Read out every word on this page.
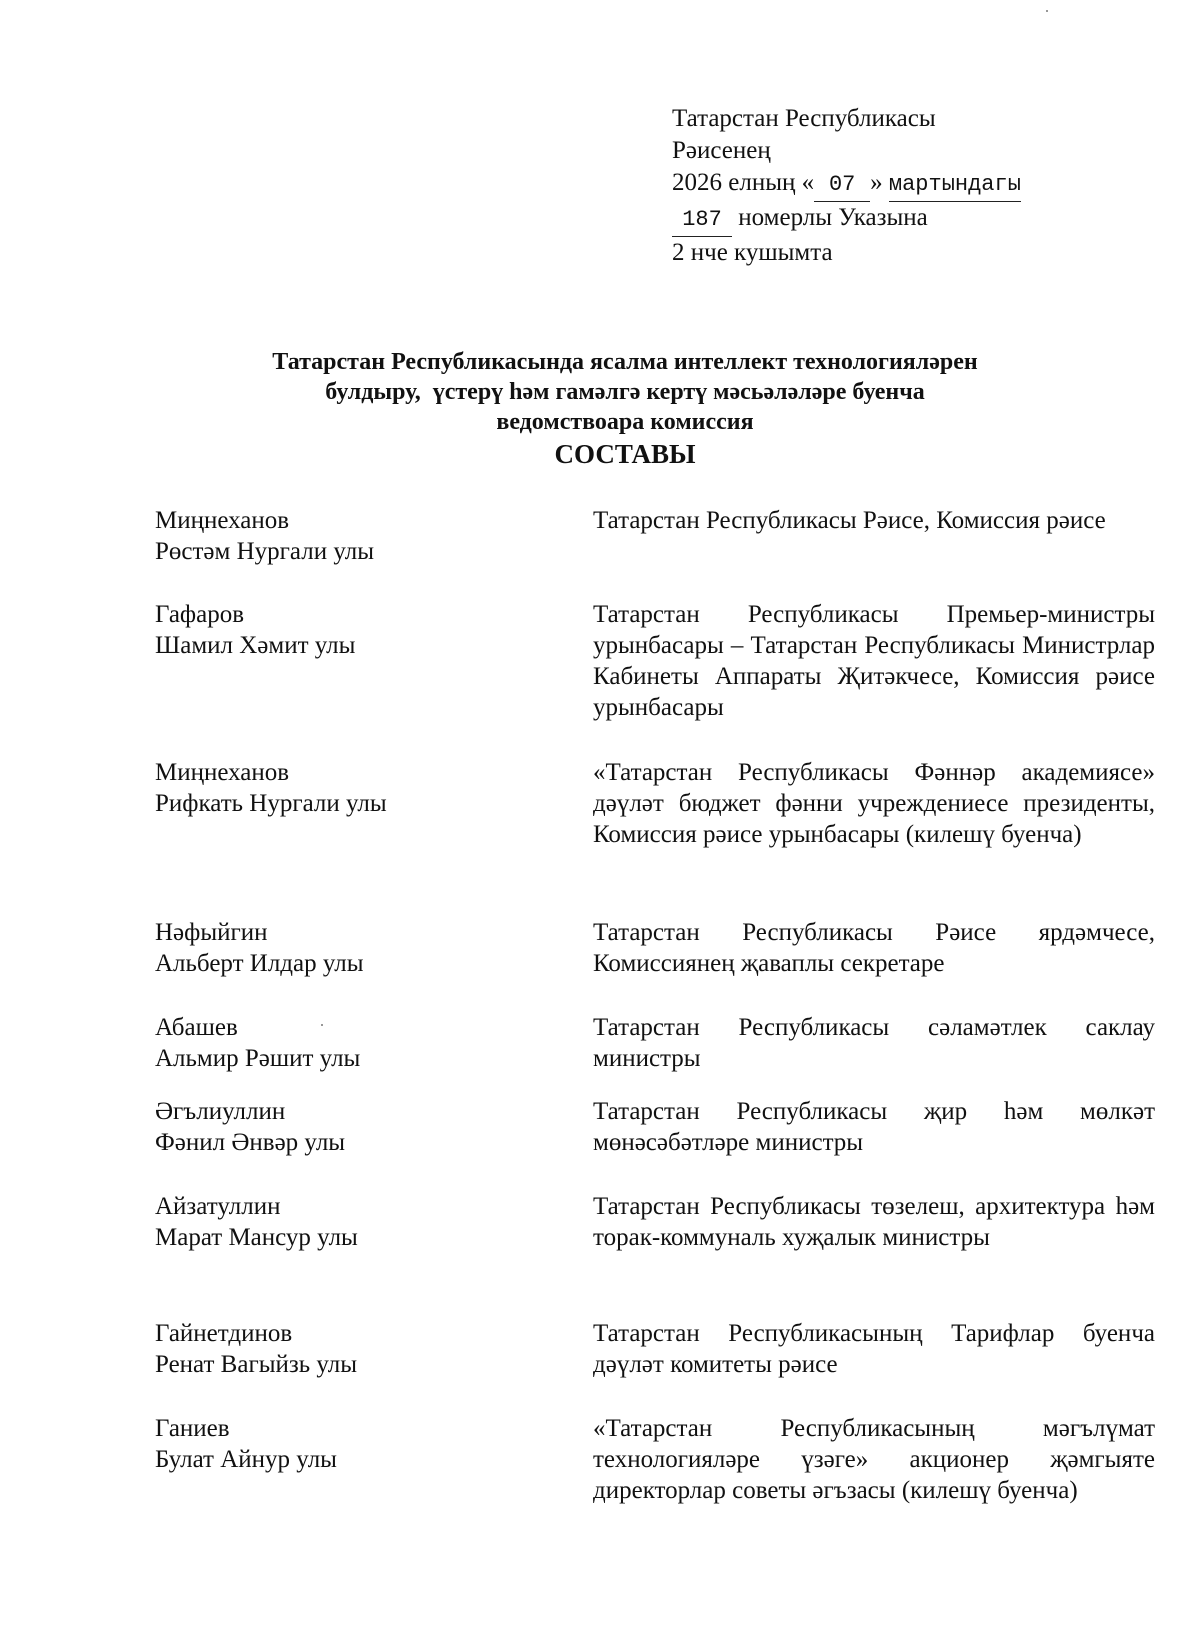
Татарстан Республикасы
Рәисенең
2026 елның « 07 » мартындагы
187 номерлы Указына
2 нче кушымта
Татарстан Республикасында ясалма интеллект технологияләрен
булдыру,  үстерү һәм гамәлгә кертү мәсьәләләре буенча
ведомствоара комиссия
СОСТАВЫ
Миңнеханов
Рөстәм Нургали улы
Татарстан Республикасы Рәисе, Комиссия рәисе
Гафаров
Шамил Хәмит улы
Татарстан Республикасы Премьер-министры урынбасары – Татарстан Республикасы Министрлар Кабинеты Аппараты Җитәкчесе, Комиссия рәисе урынбасары
Миңнеханов
Рифкать Нургали улы
«Татарстан Республикасы Фәннәр академиясе» дәүләт бюджет фәнни учреждениесе президенты, Комиссия рәисе урынбасары (килешү буенча)
Нәфыйгин
Альберт Илдар улы
Татарстан Республикасы Рәисе ярдәмчесе, Комиссиянең җаваплы секретаре
Абашев
Альмир Рәшит улы
Татарстан Республикасы сәламәтлек саклау министры
Әгълиуллин
Фәнил Әнвәр улы
Татарстан Республикасы җир һәм мөлкәт мөнәсәбәтләре министры
Айзатуллин
Марат Мансур улы
Татарстан Республикасы төзелеш, архитектура һәм торак-коммуналь хуҗалык министры
Гайнетдинов
Ренат Вагыйзь улы
Татарстан Республикасының Тарифлар буенча дәүләт комитеты рәисе
Ганиев
Булат Айнур улы
«Татарстан Республикасының мәгълүмат технологияләре үзәге» акционер җәмгыяте директорлар советы әгъзасы (килешү буенча)
